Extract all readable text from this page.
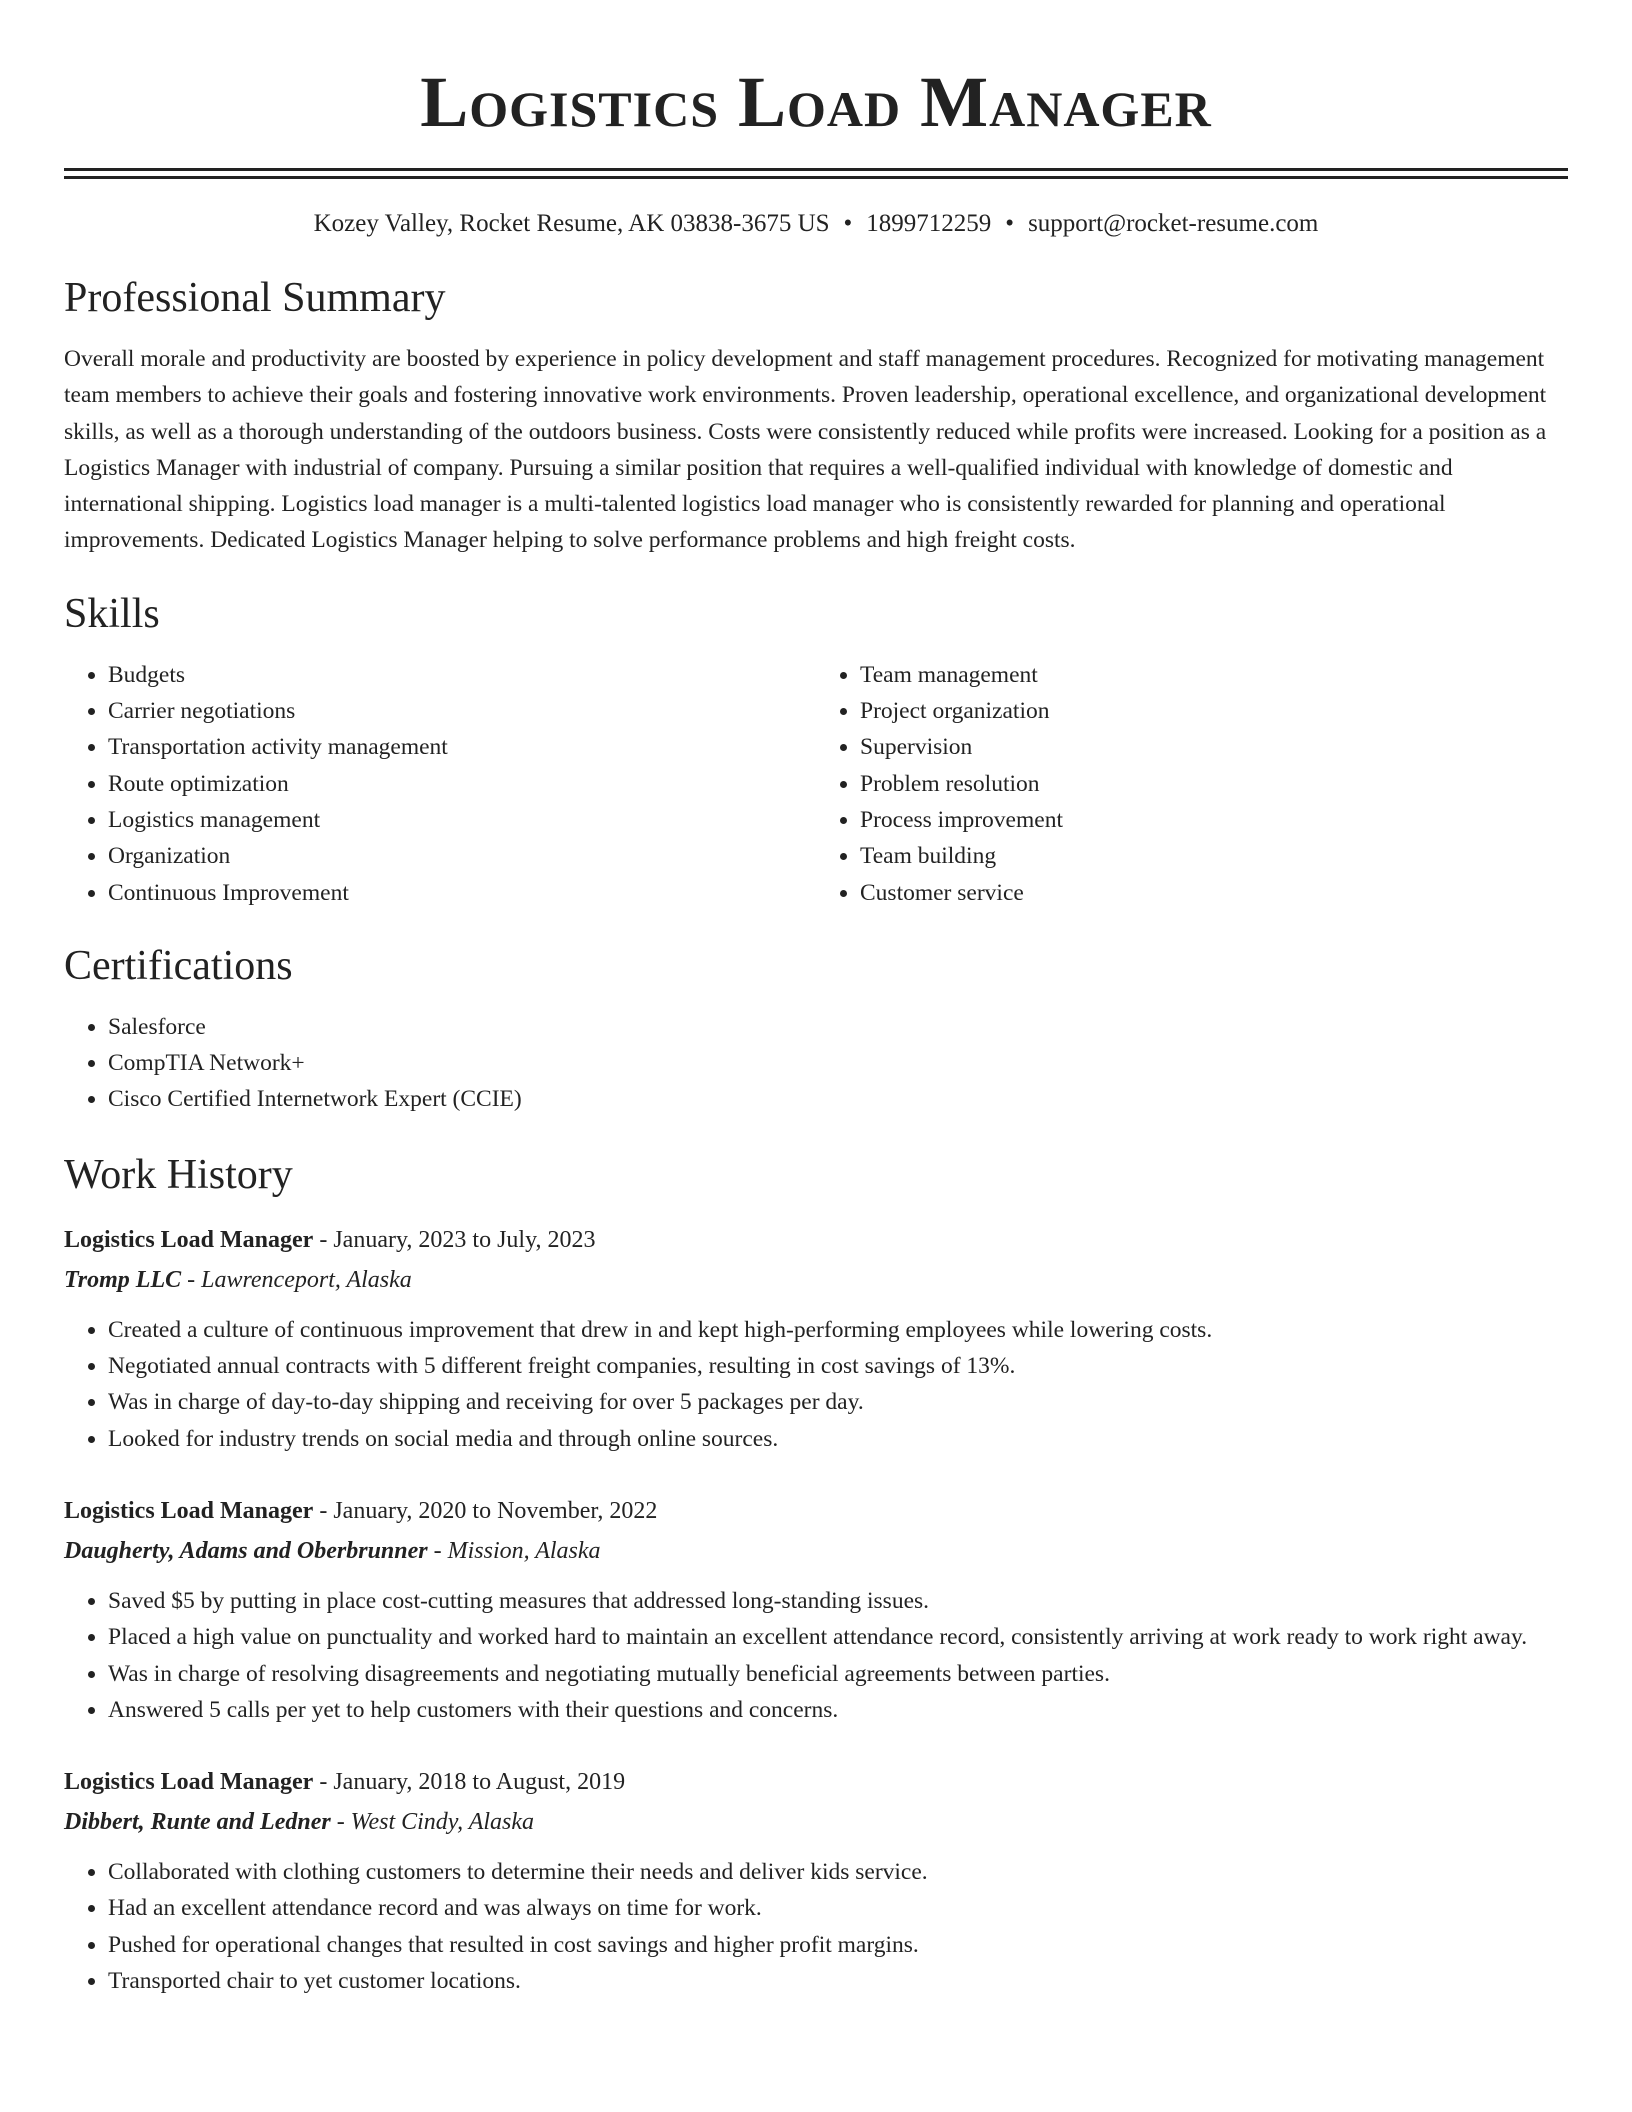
Logistics Load Manager
Kozey Valley, Rocket Resume, AK 03838-3675 US • 1899712259 • support@rocket-resume.com
Professional Summary

Overall morale and productivity are boosted by experience in policy development and staff management procedures. Recognized for motivating management team members to achieve their goals and fostering innovative work environments. Proven leadership, operational excellence, and organizational development skills, as well as a thorough understanding of the outdoors business. Costs were consistently reduced while profits were increased. Looking for a position as a Logistics Manager with industrial of company. Pursuing a similar position that requires a well-qualified individual with knowledge of domestic and international shipping. Logistics load manager is a multi-talented logistics load manager who is consistently rewarded for planning and operational improvements. Dedicated Logistics Manager helping to solve performance problems and high freight costs.

Skills
• Budgets
• Carrier negotiations
• Transportation activity management
• Route optimization
• Logistics management
• Organization
• Continuous Improvement
• Team management
• Project organization
• Supervision
• Problem resolution
• Process improvement
• Team building
• Customer service
Certifications
• Salesforce
• CompTIA Network+
• Cisco Certified Internetwork Expert (CCIE)
Work History
Logistics Load Manager - January, 2023 to July, 2023
Tromp LLC - Lawrenceport, Alaska
• Created a culture of continuous improvement that drew in and kept high-performing employees while lowering costs.
• Negotiated annual contracts with 5 different freight companies, resulting in cost savings of 13%.
• Was in charge of day-to-day shipping and receiving for over 5 packages per day.
• Looked for industry trends on social media and through online sources.
Logistics Load Manager - January, 2020 to November, 2022
Daugherty, Adams and Oberbrunner - Mission, Alaska
• Saved $5 by putting in place cost-cutting measures that addressed long-standing issues.
• Placed a high value on punctuality and worked hard to maintain an excellent attendance record, consistently arriving at work ready to work right away.
• Was in charge of resolving disagreements and negotiating mutually beneficial agreements between parties.
• Answered 5 calls per yet to help customers with their questions and concerns.
Logistics Load Manager - January, 2018 to August, 2019
Dibbert, Runte and Ledner - West Cindy, Alaska
• Collaborated with clothing customers to determine their needs and deliver kids service.
• Had an excellent attendance record and was always on time for work.
• Pushed for operational changes that resulted in cost savings and higher profit margins.
• Transported chair to yet customer locations.
